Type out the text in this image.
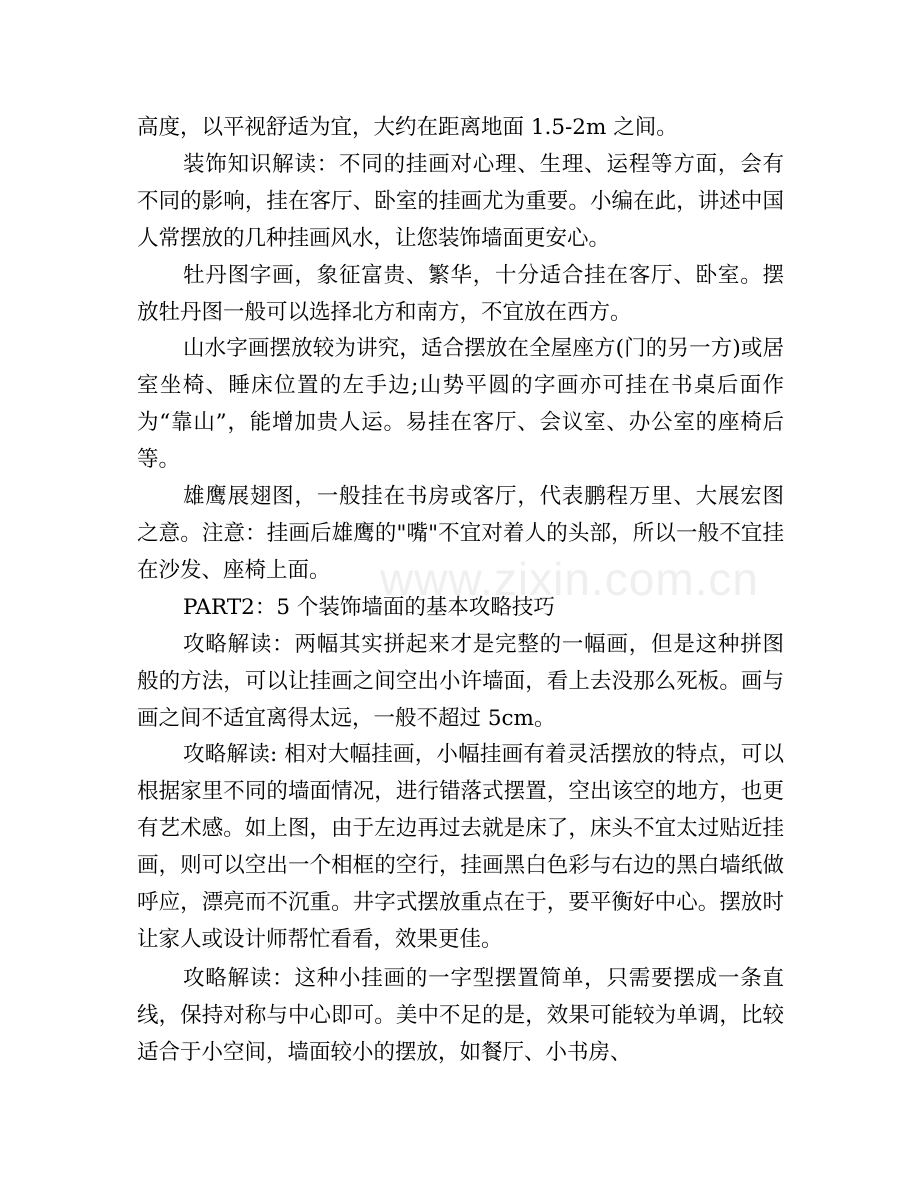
www.zixin.com.cn

高度，以平视舒适为宜，大约在距离地面 1.5-2m 之间。

装饰知识解读：不同的挂画对心理、生理、运程等方面，会有不同的影响，挂在客厅、卧室的挂画尤为重要。小编在此，讲述中国人常摆放的几种挂画风水，让您装饰墙面更安心。

牡丹图字画，象征富贵、繁华，十分适合挂在客厅、卧室。摆放牡丹图一般可以选择北方和南方，不宜放在西方。

山水字画摆放较为讲究，适合摆放在全屋座方(门的另一方)或居室坐椅、睡床位置的左手边;山势平圆的字画亦可挂在书桌后面作为“靠山”，能增加贵人运。易挂在客厅、会议室、办公室的座椅后等。

雄鹰展翅图，一般挂在书房或客厅，代表鹏程万里、大展宏图之意。注意：挂画后雄鹰的"嘴"不宜对着人的头部，所以一般不宜挂在沙发、座椅上面。

PART2：5 个装饰墙面的基本攻略技巧

攻略解读：两幅其实拼起来才是完整的一幅画，但是这种拼图般的方法，可以让挂画之间空出小许墙面，看上去没那么死板。画与画之间不适宜离得太远，一般不超过 5cm。

攻略解读: 相对大幅挂画，小幅挂画有着灵活摆放的特点，可以根据家里不同的墙面情况，进行错落式摆置，空出该空的地方，也更有艺术感。如上图，由于左边再过去就是床了，床头不宜太过贴近挂画，则可以空出一个相框的空行，挂画黑白色彩与右边的黑白墙纸做呼应，漂亮而不沉重。井字式摆放重点在于，要平衡好中心。摆放时让家人或设计师帮忙看看，效果更佳。

攻略解读：这种小挂画的一字型摆置简单，只需要摆成一条直线，保持对称与中心即可。美中不足的是，效果可能较为单调，比较适合于小空间，墙面较小的摆放，如餐厅、小书房、
